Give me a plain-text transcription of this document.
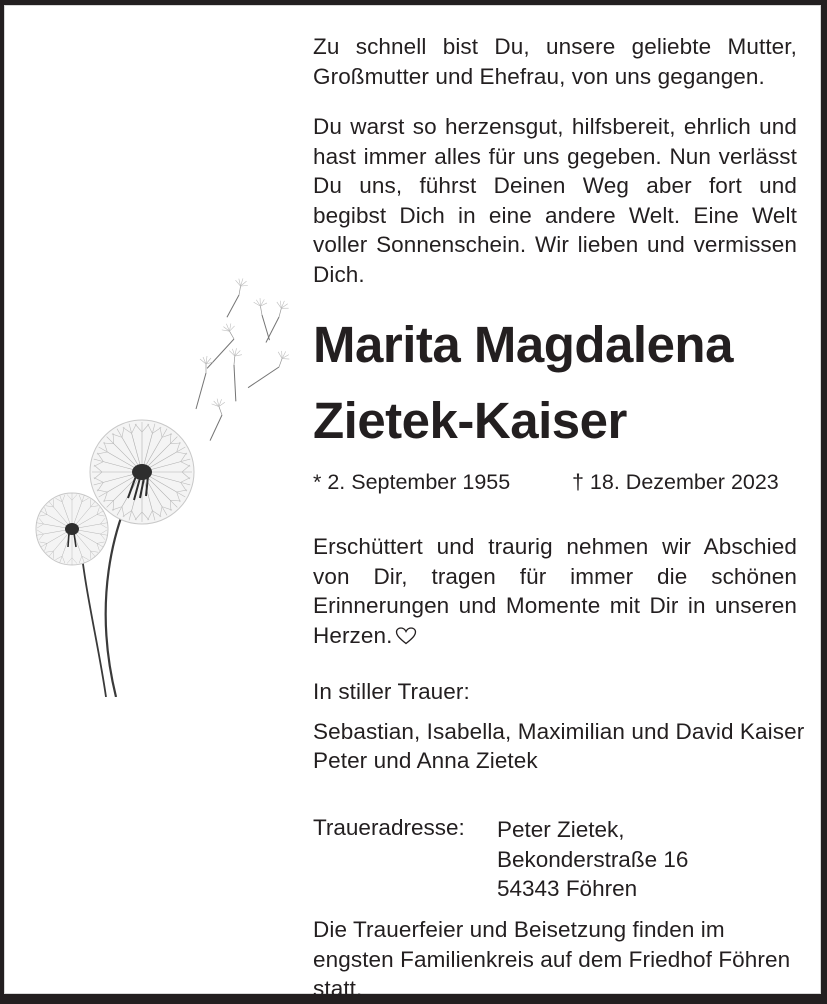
Zu schnell bist Du, unsere geliebte Mutter, Großmutter und Ehefrau, von uns gegangen.
Du warst so herzensgut, hilfsbereit, ehrlich und hast immer alles für uns gegeben. Nun verlässt Du uns, führst Deinen Weg aber fort und begibst Dich in eine andere Welt. Eine Welt voller Sonnenschein. Wir lieben und vermissen Dich.
Marita Magdalena
Zietek-Kaiser
* 2. September 1955	† 18. Dezember 2023
Erschüttert und traurig nehmen wir Abschied von Dir, tragen für immer die schönen Erinnerungen und Momente mit Dir in unseren Herzen.
In stiller Trauer:
Sebastian, Isabella, Maximilian und David Kaiser
Peter und Anna Zietek
Traueradresse: Peter Zietek,
Bekonderstraße 16
54343 Föhren
Die Trauerfeier und Beisetzung finden im engsten Familienkreis auf dem Friedhof Föhren statt.
